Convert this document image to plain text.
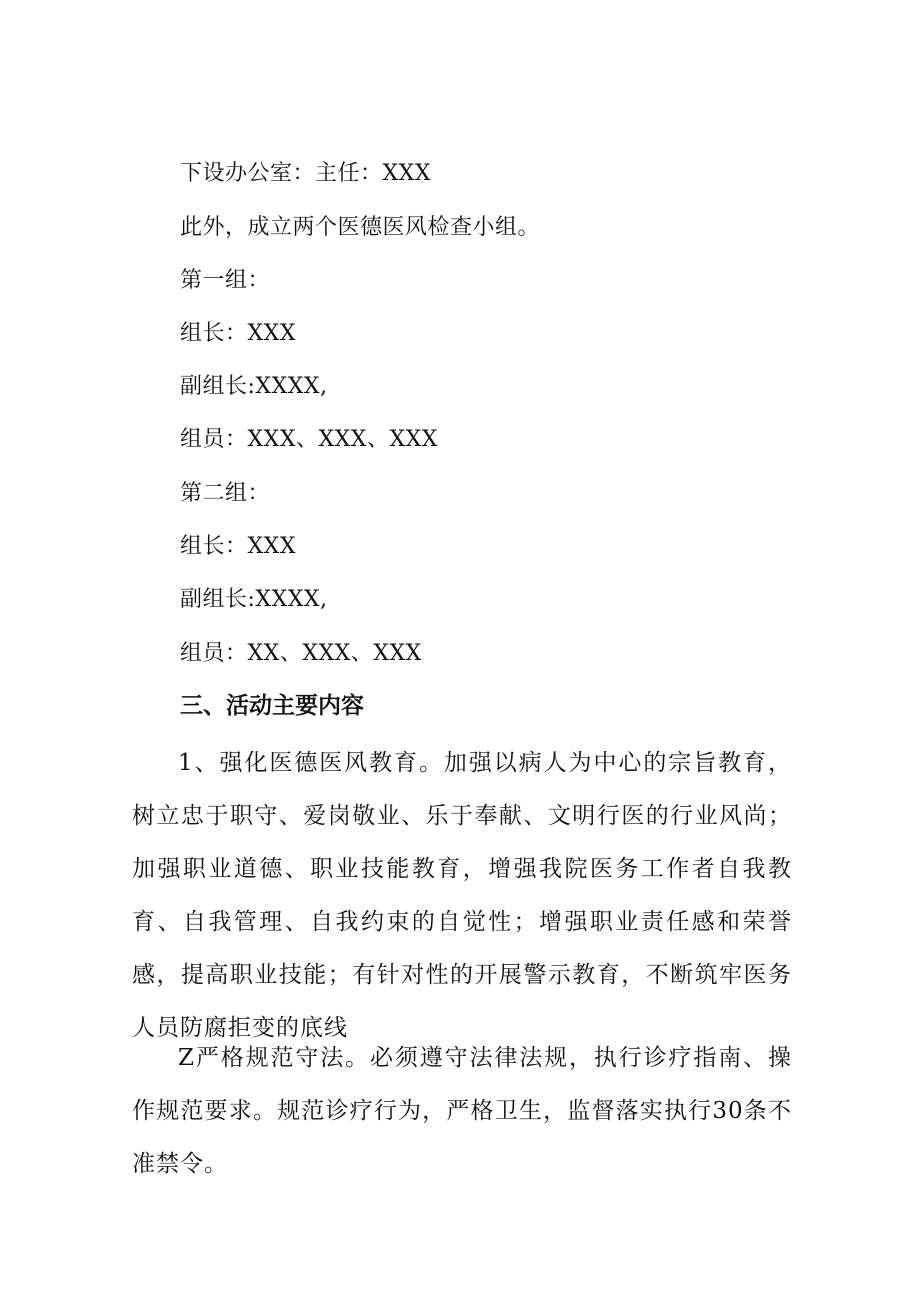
下设办公室：主任：XXX
此外，成立两个医德医风检查小组。
第一组：
组长：XXX
副组长:XXXX,
组员：XXX、XXX、XXX
第二组：
组长：XXX
副组长:XXXX,
组员：XX、XXX、XXX
三、活动主要内容
1、强化医德医风教育。加强以病人为中心的宗旨教育，树立忠于职守、爱岗敬业、乐于奉献、文明行医的行业风尚；加强职业道德、职业技能教育，增强我院医务工作者自我教育、自我管理、自我约束的自觉性；增强职业责任感和荣誉感，提高职业技能；有针对性的开展警示教育，不断筑牢医务人员防腐拒变的底线
Z严格规范守法。必须遵守法律法规，执行诊疗指南、操作规范要求。规范诊疗行为，严格卫生，监督落实执行30条不准禁令。
